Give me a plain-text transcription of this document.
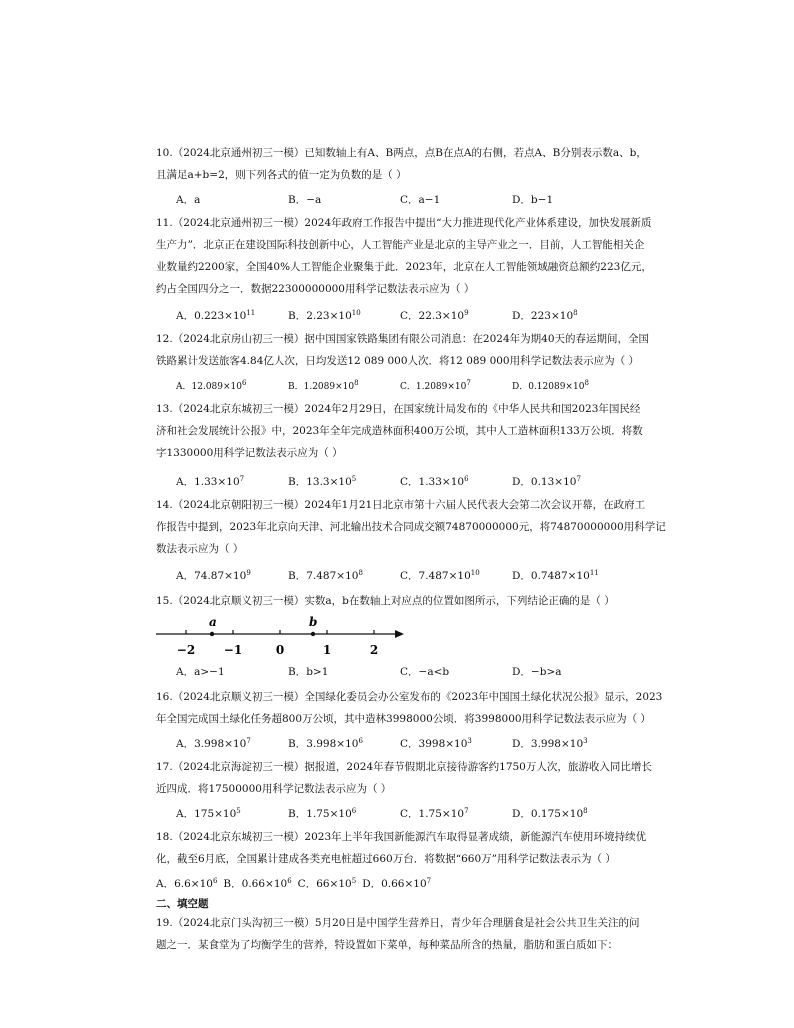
10.（2024北京通州初三一模）已知数轴上有A、B两点，点B在点A的右侧，若点A、B分别表示数a、b，

且满足a+b=2，则下列各式的值一定为负数的是（ ）

A．a	B．−a	C．a−1	D．b−1

11.（2024北京通州初三一模）2024年政府工作报告中提出“大力推进现代化产业体系建设，加快发展新质

生产力”．北京正在建设国际科技创新中心，人工智能产业是北京的主导产业之一．目前，人工智能相关企

业数量约2200家，全国40%人工智能企业聚集于此．2023年，北京在人工智能领域融资总额约223亿元，

约占全国四分之一．数据22300000000用科学记数法表示应为（ ）

A．$0.223\times 10^{11}$	B．$2.23\times 10^{10}$	C．$22.3\times 10^9$	D．$223\times 10^8$

12.（2024北京房山初三一模）据中国国家铁路集团有限公司消息：在2024年为期40天的春运期间，全国

铁路累计发送旅客4.84亿人次，日均发送12 089 000人次．将12 089 000用科学记数法表示应为（ ）

A．$12.089\times 10^6$	B．$1.2089\times 10^8$	C．$1.2089\times 10^7$	D．$0.12089\times 10^8$

13.（2024北京东城初三一模）2024年2月29日，在国家统计局发布的《中华人民共和国2023年国民经

济和社会发展统计公报》中，2023年全年完成造林面积400万公顷，其中人工造林面积133万公顷．将数

字1330000用科学记数法表示应为（ ）

A．$1.33\times 10^7$	B．$13.3\times 10^5$	C．$1.33\times 10^6$	D．$0.13\times 10^7$

14.（2024北京朝阳初三一模）2024年1月21日北京市第十六届人民代表大会第二次会议开幕，在政府工

作报告中提到，2023年北京向天津、河北输出技术合同成交额74870000000元，将74870000000用科学记

数法表示应为（ ）

A．$74.87\times 10^9$	B．$7.487\times 10^8$	C．$7.487\times 10^{10}$	D．$0.7487\times 10^{11}$

15.（2024北京顺义初三一模）实数a，b在数轴上对应点的位置如图所示，下列结论正确的是（ ）

−2 −1	0	1	2
a	b
A．a>−1	B．b>1	C．−a<b	D．−b>a

16.（2024北京顺义初三一模）全国绿化委员会办公室发布的《2023年中国国土绿化状况公报》显示，2023

年全国完成国土绿化任务超800万公顷，其中造林3998000公顷．将3998000用科学记数法表示应为（ ）

A．$3.998\times 10^7$	B．$3.998\times 10^6$	C．$3998\times 10^3$	D．$3.998\times 10^3$

17.（2024北京海淀初三一模）据报道，2024年春节假期北京接待游客约1750万人次，旅游收入同比增长

近四成．将17500000用科学记数法表示应为（ ）

A．$175\times 10^5$	B．$1.75\times 10^6$	C．$1.75\times 10^7$	D．$0.175\times 10^8$

18.（2024北京东城初三一模）2023年上半年我国新能源汽车取得显著成绩，新能源汽车使用环境持续优

化，截至6月底，全国累计建成各类充电桩超过660万台．将数据“660万”用科学记数法表示为（ ）

A．$6.6\times 10^6$ B．$0.66\times 10^6$ C．$66\times 10^5$ D．$0.66\times 10^7$
二、填空题

19.（2024北京门头沟初三一模）5月20日是中国学生营养日，青少年合理膳食是社会公共卫生关注的问

题之一．某食堂为了均衡学生的营养，特设置如下菜单，每种菜品所含的热量，脂肪和蛋白质如下：
